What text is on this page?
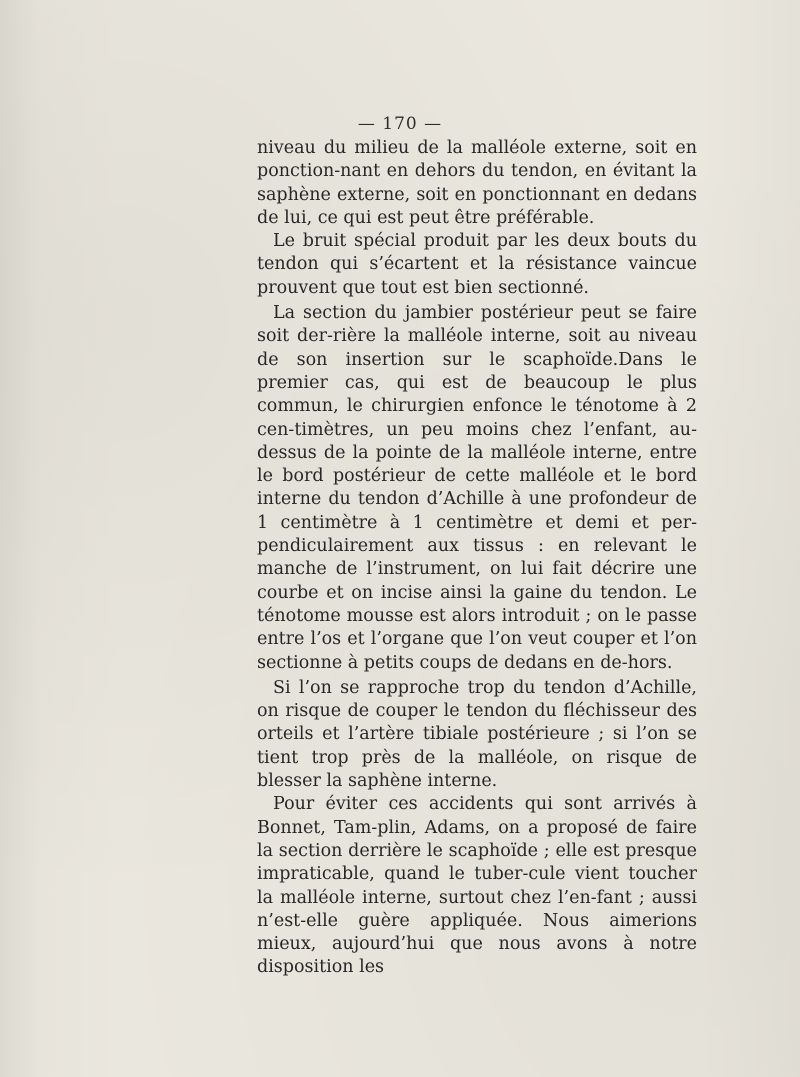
— 170 —

niveau du milieu de la malléole externe, soit en ponction-nant en dehors du tendon, en évitant la saphène externe, soit en ponctionnant en dedans de lui, ce qui est peut être préférable.

Le bruit spécial produit par les deux bouts du tendon qui s’écartent et la résistance vaincue prouvent que tout est bien sectionné.

La section du jambier postérieur peut se faire soit der-rière la malléole interne, soit au niveau de son insertion sur le scaphoïde.Dans le premier cas, qui est de beaucoup le plus commun, le chirurgien enfonce le ténotome à 2 cen-timètres, un peu moins chez l’enfant, au-dessus de la pointe de la malléole interne, entre le bord postérieur de cette malléole et le bord interne du tendon d’Achille à une profondeur de 1 centimètre à 1 centimètre et demi et per-pendiculairement aux tissus : en relevant le manche de l’instrument, on lui fait décrire une courbe et on incise ainsi la gaine du tendon. Le ténotome mousse est alors introduit ; on le passe entre l’os et l’organe que l’on veut couper et l’on sectionne à petits coups de dedans en de-hors.

Si l’on se rapproche trop du tendon d’Achille, on risque de couper le tendon du fléchisseur des orteils et l’artère tibiale postérieure ; si l’on se tient trop près de la malléole, on risque de blesser la saphène interne.

Pour éviter ces accidents qui sont arrivés à Bonnet, Tam-plin, Adams, on a proposé de faire la section derrière le scaphoïde ; elle est presque impraticable, quand le tuber-cule vient toucher la malléole interne, surtout chez l’en-fant ; aussi n’est-elle guère appliquée. Nous aimerions mieux, aujourd’hui que nous avons à notre disposition les
